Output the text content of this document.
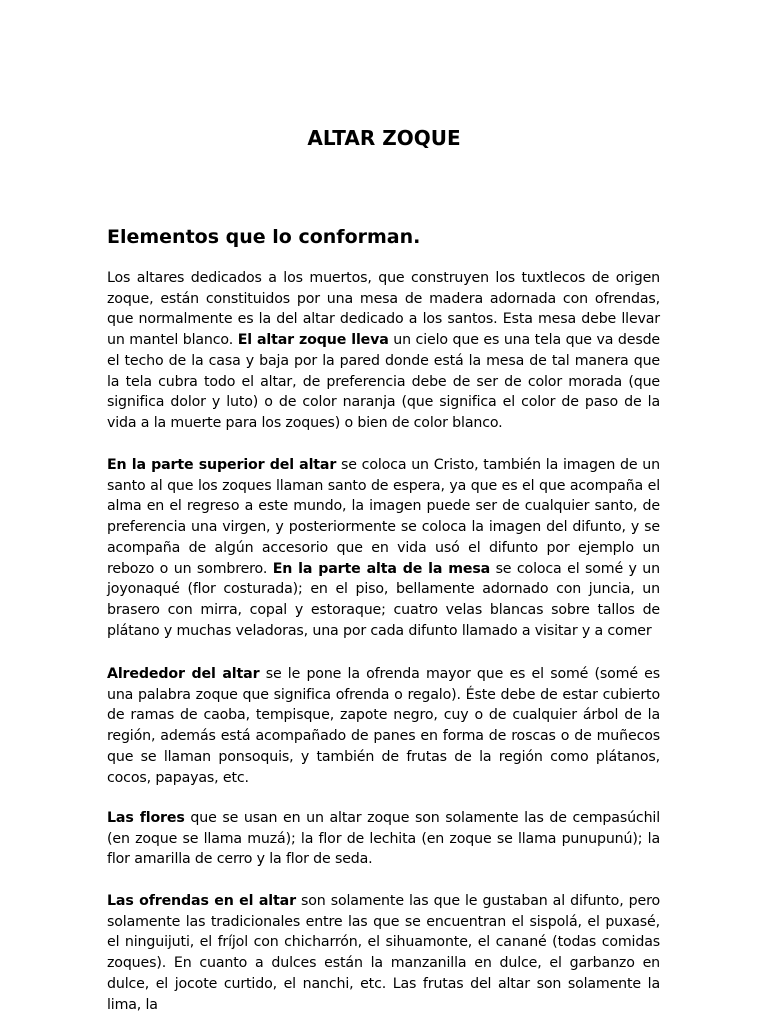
ALTAR ZOQUE
Elementos que lo conforman.

Los altares dedicados a los muertos, que construyen los tuxtlecos de origen zoque, están constituidos por una mesa de madera adornada con ofrendas, que normalmente es la del altar dedicado a los santos. Esta mesa debe llevar un mantel blanco. El altar zoque lleva un cielo que es una tela que va desde el techo de la casa y baja por la pared donde está la mesa de tal manera que la tela cubra todo el altar, de preferencia debe de ser de color morada (que significa dolor y luto) o de color naranja (que significa el color de paso de la vida a la muerte para los zoques) o bien de color blanco.

En la parte superior del altar se coloca un Cristo, también la imagen de un santo al que los zoques llaman santo de espera, ya que es el que acompaña el alma en el regreso a este mundo, la imagen puede ser de cualquier santo, de preferencia una virgen, y posteriormente se coloca la imagen del difunto, y se acompaña de algún accesorio que en vida usó el difunto por ejemplo un rebozo o un sombrero. En la parte alta de la mesa se coloca el somé y un joyonaqué (flor costurada); en el piso, bellamente adornado con juncia, un brasero con mirra, copal y estoraque; cuatro velas blancas sobre tallos de plátano y muchas veladoras, una por cada difunto llamado a visitar y a comer

Alrededor del altar se le pone la ofrenda mayor que es el somé (somé es una palabra zoque que significa ofrenda o regalo). Éste debe de estar cubierto de ramas de caoba, tempisque, zapote negro, cuy o de cualquier árbol de la región, además está acompañado de panes en forma de roscas o de muñecos que se llaman ponsoquis, y también de frutas de la región como plátanos, cocos, papayas, etc.

Las flores que se usan en un altar zoque son solamente las de cempasúchil (en zoque se llama muzá); la flor de lechita (en zoque se llama punupunú); la flor amarilla de cerro y la flor de seda.

Las ofrendas en el altar son solamente las que le gustaban al difunto, pero solamente las tradicionales entre las que se encuentran el sispolá, el puxasé, el ninguijuti, el fríjol con chicharrón, el sihuamonte, el canané (todas comidas zoques). En cuanto a dulces están la manzanilla en dulce, el garbanzo en dulce, el jocote curtido, el nanchi, etc. Las frutas del altar son solamente la lima, la
